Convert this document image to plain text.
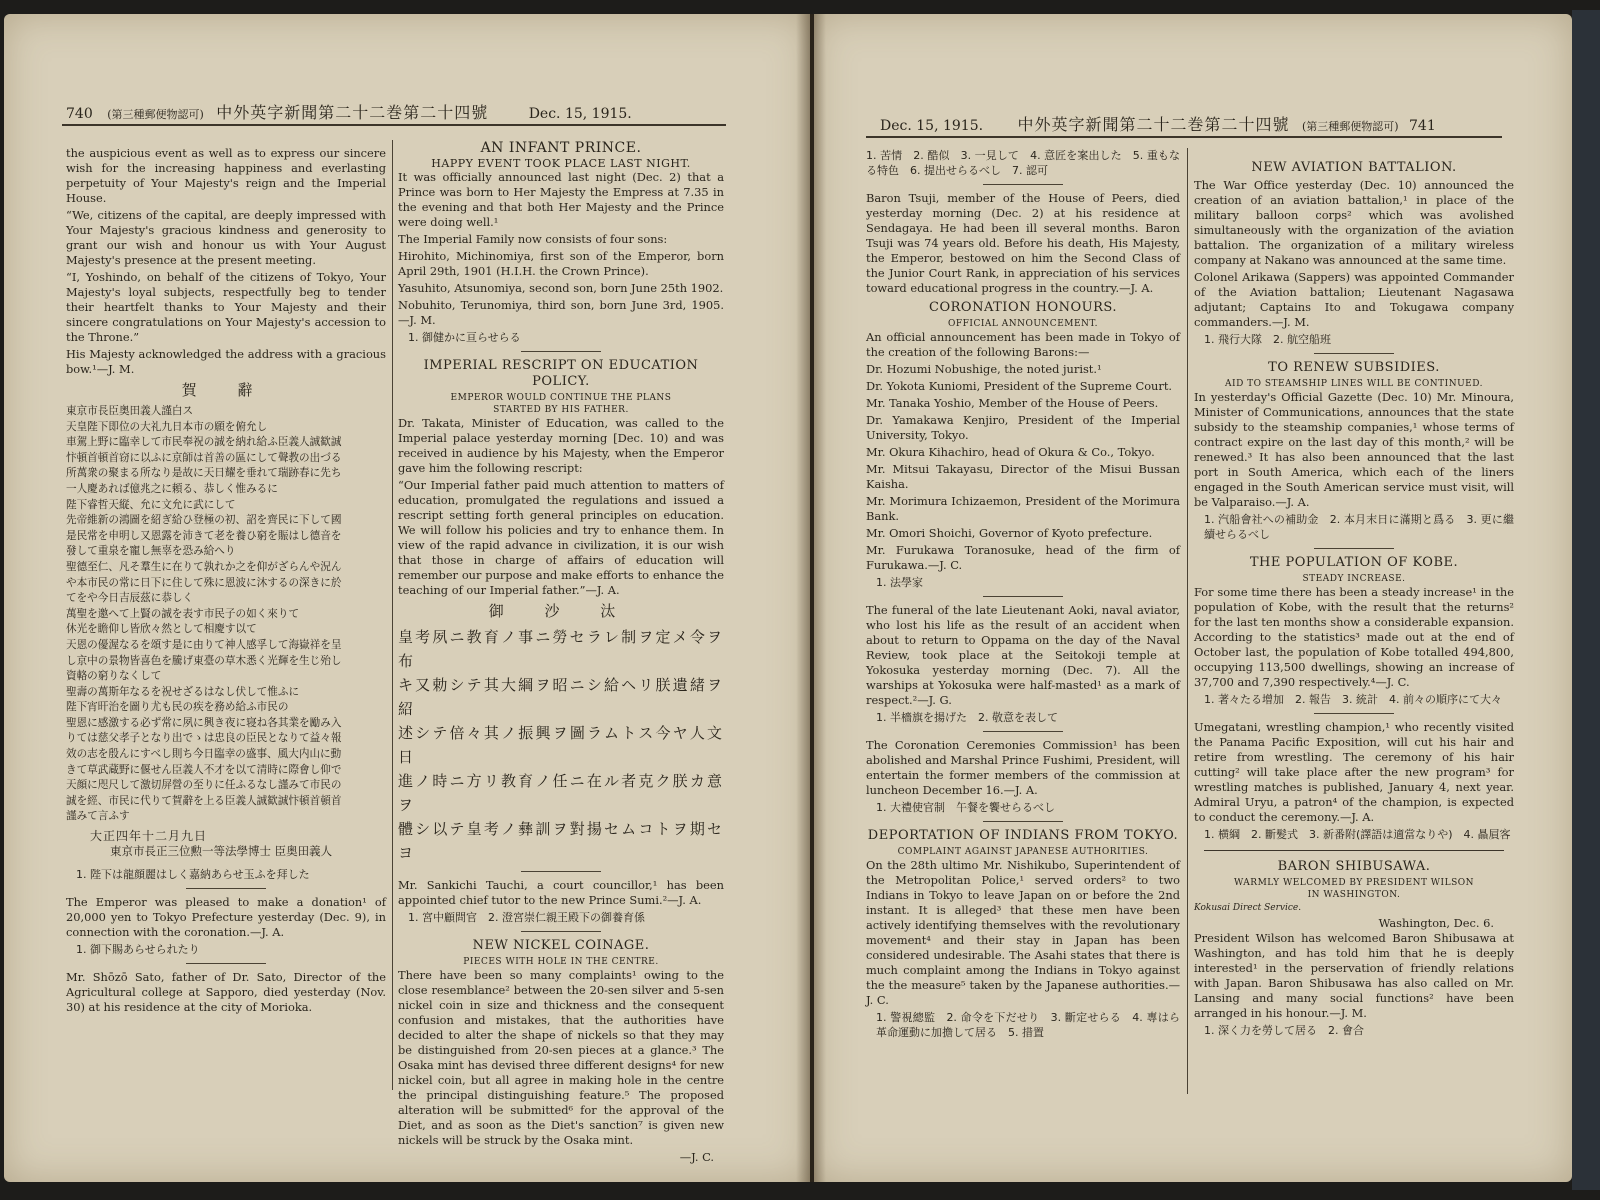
740 (第三種郵便物認可) 中外英字新聞第二十二巻第二十四號	Dec. 15, 1915.

the auspicious event as well as to express our sincere wish for the increasing happiness and everlasting perpetuity of Your Majesty's reign and the Imperial House.

“We, citizens of the capital, are deeply impressed with Your Majesty's gracious kindness and generosity to grant our wish and honour us with Your August Majesty's presence at the present meeting.

“I, Yoshindo, on behalf of the citizens of Tokyo, Your Majesty's loyal subjects, respectfully beg to tender their heartfelt thanks to Your Majesty and their sincere congratulations on Your Majesty's accession to the Throne.”

His Majesty acknowledged the address with a gracious bow.¹—J. M.

賀 辭
東京市長臣奥田義人謹白ス
天皇陛下即位の大礼九日本市の願を俯允し
車駕上野に臨幸して市民奉祝の誠を納れ給ふ臣義人誠歓誠
忭頓首頓首窃に以ふに京師は首善の區にして聲教の出づる
所萬衆の聚まる所なり是故に天日耀を垂れて瑞跡春に先ち
一人慶あれば億兆之に頼る、恭しく惟みるに
陛下睿哲天縦、允に文允に武にして
先帝維新の鴻圖を紹ぎ給ひ登極の初、詔を齊民に下して國
是民常を申明し又恩露を沛きて老を養ひ窮を賑はし德音を
發して重泉を寵し無辜を恐み給へり
聖德至仁、凡そ羣生に在りて孰れか之を仰がざらんや況ん
や本市民の常に日下に住して殊に恩波に沐するの深きに於
てをや今日吉辰茲に恭しく
萬聖を邀へて上賢の誠を表す市民子の如く來りて
休光を瞻仰し皆欣々然として相慶す以て
天恩の優渥なるを頌す是に由りて神人感孚して海嶽祥を呈
し京中の景物皆喜色を騰げ東臺の草木悉く光輝を生じ殆し
資輅の窮りなくして
聖壽の萬斯年なるを祝せざるはなし伏して惟ふに
陛下宵旰治を圖り尤も民の疾を務め給ふ市民の
聖恩に感激する必ず常に夙に興き夜に寝ね各其業を勵み入
りては慈父孝子となり出でゝは忠良の臣民となりて益々報
效の志を殷んにすべし則ち今日臨幸の盛事、風大内山に動
きて草武蔵野に偃せん臣義人不才を以て清時に際會し仰で
天顔に咫尺して激切屏營の至りに任ふるなし謹みて市民の
誠を經、市民に代りて賀辭を上る臣義人誠歓誠忭頓首頓首
謹みて言ふす
大正四年十二月九日
東京市長正三位勲一等法學博士 臣奥田義人
1. 陛下は龍顔麗はしく嘉納あらせ玉ふを拜した

The Emperor was pleased to make a donation¹ of 20,000 yen to Tokyo Prefecture yesterday (Dec. 9), in connection with the coronation.—J. A.

1. 御下賜あらせられたり

Mr. Shōzō Sato, father of Dr. Sato, Director of the Agricultural college at Sapporo, died yesterday (Nov. 30) at his residence at the city of Morioka.

AN INFANT PRINCE.
HAPPY EVENT TOOK PLACE LAST NIGHT.

It was officially announced last night (Dec. 2) that a Prince was born to Her Majesty the Empress at 7.35 in the evening and that both Her Majesty and the Prince were doing well.¹

The Imperial Family now consists of four sons:

Hirohito, Michinomiya, first son of the Emperor, born April 29th, 1901 (H.I.H. the Crown Prince).

Yasuhito, Atsunomiya, second son, born June 25th 1902.

Nobuhito, Terunomiya, third son, born June 3rd, 1905.—J. M.

1. 御健かに亘らせらる
IMPERIAL RESCRIPT ON EDUCATION POLICY.
EMPEROR WOULD CONTINUE THE PLANS
STARTED BY HIS FATHER.

Dr. Takata, Minister of Education, was called to the Imperial palace yesterday morning [Dec. 10) and was received in audience by his Majesty, when the Emperor gave him the following rescript:

“Our Imperial father paid much attention to matters of education, promulgated the regulations and issued a rescript setting forth general principles on education. We will follow his policies and try to enhance them. In view of the rapid advance in civilization, it is our wish that those in charge of affairs of education will remember our purpose and make efforts to enhance the teaching of our Imperial father.”—J. A.

御 沙 汰
皇考夙ニ教育ノ事ニ勞セラレ制ヲ定メ令ヲ布
キ又勅シテ其大綱ヲ昭ニシ給ヘリ朕遺緒ヲ紹
述シテ倍々其ノ振興ヲ圖ラムトス今ヤ人文日
進ノ時ニ方リ教育ノ任ニ在ル者克ク朕カ意ヲ
體シ以テ皇考ノ彝訓ヲ對揚セムコトヲ期セヨ

Mr. Sankichi Tauchi, a court councillor,¹ has been appointed chief tutor to the new Prince Sumi.²—J. A.

1. 宮中顧問官　2. 澄宮崇仁親王殿下の御養育係
NEW NICKEL COINAGE.
PIECES WITH HOLE IN THE CENTRE.

There have been so many complaints¹ owing to the close resemblance² between the 20-sen silver and 5-sen nickel coin in size and thickness and the consequent confusion and mistakes, that the authorities have decided to alter the shape of nickels so that they may be distinguished from 20-sen pieces at a glance.³ The Osaka mint has devised three different designs⁴ for new nickel coin, but all agree in making hole in the centre the principal distinguishing feature.⁵ The proposed alteration will be submitted⁶ for the approval of the Diet, and as soon as the Diet's sanction⁷ is given new nickels will be struck by the Osaka mint.

—J. C.
Dec. 15, 1915. 中外英字新聞第二十二巻第二十四號 (第三種郵便物認可) 741
1. 苦情　2. 酷似　3. 一見して　4. 意匠を案出した　5. 重もなる特色　6. 提出せらるべし　7. 認可

Baron Tsuji, member of the House of Peers, died yesterday morning (Dec. 2) at his residence at Sendagaya. He had been ill several months. Baron Tsuji was 74 years old. Before his death, His Majesty, the Emperor, bestowed on him the Second Class of the Junior Court Rank, in appreciation of his services toward educational progress in the country.—J. A.

CORONATION HONOURS.
OFFICIAL ANNOUNCEMENT.

An official announcement has been made in Tokyo of the creation of the following Barons:—

Dr. Hozumi Nobushige, the noted jurist.¹

Dr. Yokota Kuniomi, President of the Supreme Court.

Mr. Tanaka Yoshio, Member of the House of Peers.

Dr. Yamakawa Kenjiro, President of the Imperial University, Tokyo.

Mr. Okura Kihachiro, head of Okura & Co., Tokyo.

Mr. Mitsui Takayasu, Director of the Misui Bussan Kaisha.

Mr. Morimura Ichizaemon, President of the Morimura Bank.

Mr. Omori Shoichi, Governor of Kyoto prefecture.

Mr. Furukawa Toranosuke, head of the firm of Furukawa.—J. C.

1. 法學家

The funeral of the late Lieutenant Aoki, naval aviator, who lost his life as the result of an accident when about to return to Oppama on the day of the Naval Review, took place at the Seitokoji temple at Yokosuka yesterday morning (Dec. 7). All the warships at Yokosuka were half-masted¹ as a mark of respect.²—J. G.

1. 半檣旗を揚げた　2. 敬意を表して

The Coronation Ceremonies Commission¹ has been abolished and Marshal Prince Fushimi, President, will entertain the former members of the commission at luncheon December 16.—J. A.

1. 大禮使官制　午餐を饗せらるべし
DEPORTATION OF INDIANS FROM TOKYO.
COMPLAINT AGAINST JAPANESE AUTHORITIES.

On the 28th ultimo Mr. Nishikubo, Superintendent of the Metropolitan Police,¹ served orders² to two Indians in Tokyo to leave Japan on or before the 2nd instant. It is alleged³ that these men have been actively identifying themselves with the revolutionary movement⁴ and their stay in Japan has been considered undesirable. The Asahi states that there is much complaint among the Indians in Tokyo against the the measure⁵ taken by the Japanese authorities.—J. C.

1. 警視總監　2. 命令を下だせり　3. 斷定せらる　4. 專はら革命運動に加擔して居る　5. 措置
NEW AVIATION BATTALION.

The War Office yesterday (Dec. 10) announced the creation of an aviation battalion,¹ in place of the military balloon corps² which was avolished simultaneously with the organization of the aviation battalion. The organization of a military wireless company at Nakano was announced at the same time.

Colonel Arikawa (Sappers) was appointed Commander of the Aviation battalion; Lieutenant Nagasawa adjutant; Captains Ito and Tokugawa company commanders.—J. M.

1. 飛行大隊　2. 航空船班
TO RENEW SUBSIDIES.
AID TO STEAMSHIP LINES WILL BE CONTINUED.

In yesterday's Official Gazette (Dec. 10) Mr. Minoura, Minister of Communications, announces that the state subsidy to the steamship companies,¹ whose terms of contract expire on the last day of this month,² will be renewed.³ It has also been announced that the last port in South America, which each of the liners engaged in the South American service must visit, will be Valparaiso.—J. A.

1. 汽船會社への補助金　2. 本月末日に滿期と爲る　3. 更に繼續せらるべし
THE POPULATION OF KOBE.
STEADY INCREASE.

For some time there has been a steady increase¹ in the population of Kobe, with the result that the returns² for the last ten months show a considerable expansion. According to the statistics³ made out at the end of October last, the population of Kobe totalled 494,800, occupying 113,500 dwellings, showing an increase of 37,700 and 7,390 respectively.⁴—J. C.

1. 著々たる增加　2. 報告　3. 統計　4. 前々の順序にて大々

Umegatani, wrestling champion,¹ who recently visited the Panama Pacific Exposition, will cut his hair and retire from wrestling. The ceremony of his hair cutting² will take place after the new program³ for wrestling matches is published, January 4, next year. Admiral Uryu, a patron⁴ of the champion, is expected to conduct the ceremony.—J. A.

1. 横綱　2. 斷髪式　3. 新番附(譯語は適當なりや)　4. 贔屓客
BARON SHIBUSAWA.
WARMLY WELCOMED BY PRESIDENT WILSON
IN WASHINGTON.
Kokusai Direct Service.
Washington, Dec. 6.

President Wilson has welcomed Baron Shibusawa at Washington, and has told him that he is deeply interested¹ in the perservation of friendly relations with Japan. Baron Shibusawa has also called on Mr. Lansing and many social functions² have been arranged in his honour.—J. M.

1. 深く力を勞して居る　2. 會合
